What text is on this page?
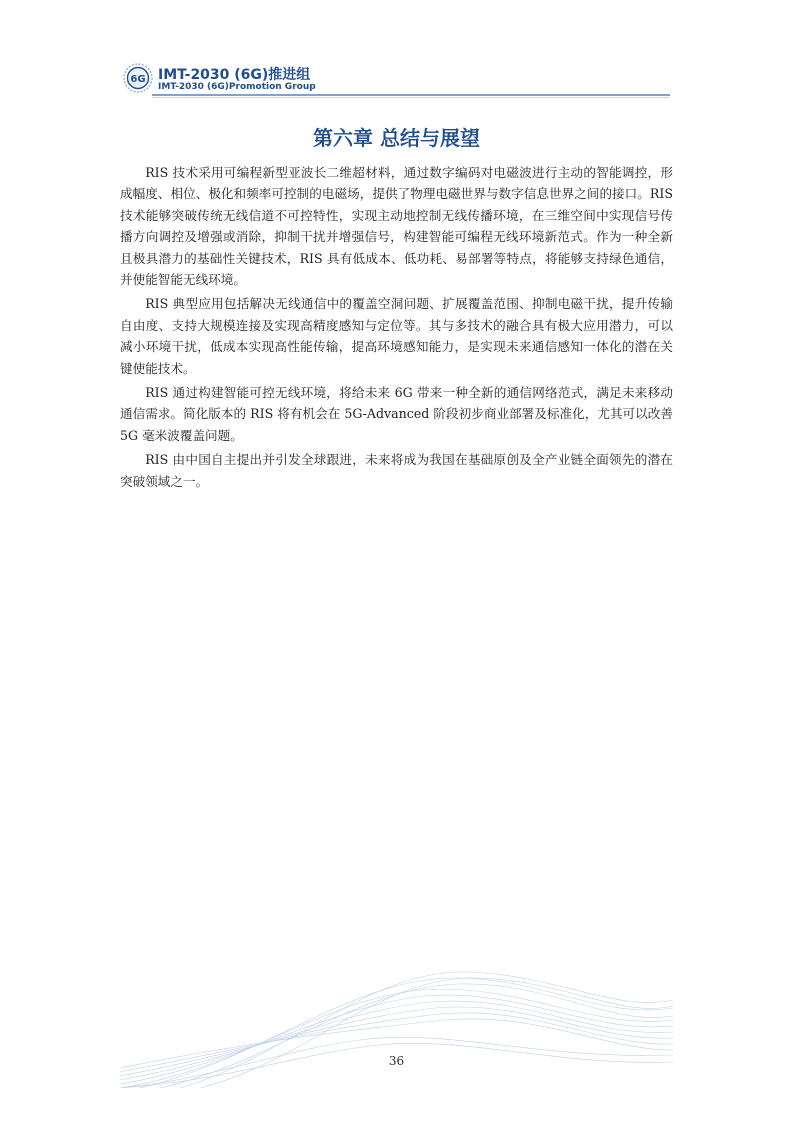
6G IMT-2030 (6G)推进组
IMT-2030 (6G)Promotion Group
第六章 总结与展望

RIS 技术采用可编程新型亚波长二维超材料，通过数字编码对电磁波进行主动的智能调控，形成幅度、相位、极化和频率可控制的电磁场，提供了物理电磁世界与数字信息世界之间的接口。RIS 技术能够突破传统无线信道不可控特性，实现主动地控制无线传播环境，在三维空间中实现信号传播方向调控及增强或消除，抑制干扰并增强信号，构建智能可编程无线环境新范式。作为一种全新且极具潜力的基础性关键技术，RIS 具有低成本、低功耗、易部署等特点，将能够支持绿色通信，并使能智能无线环境。

RIS 典型应用包括解决无线通信中的覆盖空洞问题、扩展覆盖范围、抑制电磁干扰，提升传输自由度、支持大规模连接及实现高精度感知与定位等。其与多技术的融合具有极大应用潜力，可以减小环境干扰，低成本实现高性能传输，提高环境感知能力，是实现未来通信感知一体化的潜在关键使能技术。

RIS 通过构建智能可控无线环境，将给未来 6G 带来一种全新的通信网络范式，满足未来移动通信需求。简化版本的 RIS 将有机会在 5G-Advanced 阶段初步商业部署及标准化，尤其可以改善 5G 毫米波覆盖问题。

RIS 由中国自主提出并引发全球跟进，未来将成为我国在基础原创及全产业链全面领先的潜在突破领域之一。

36
